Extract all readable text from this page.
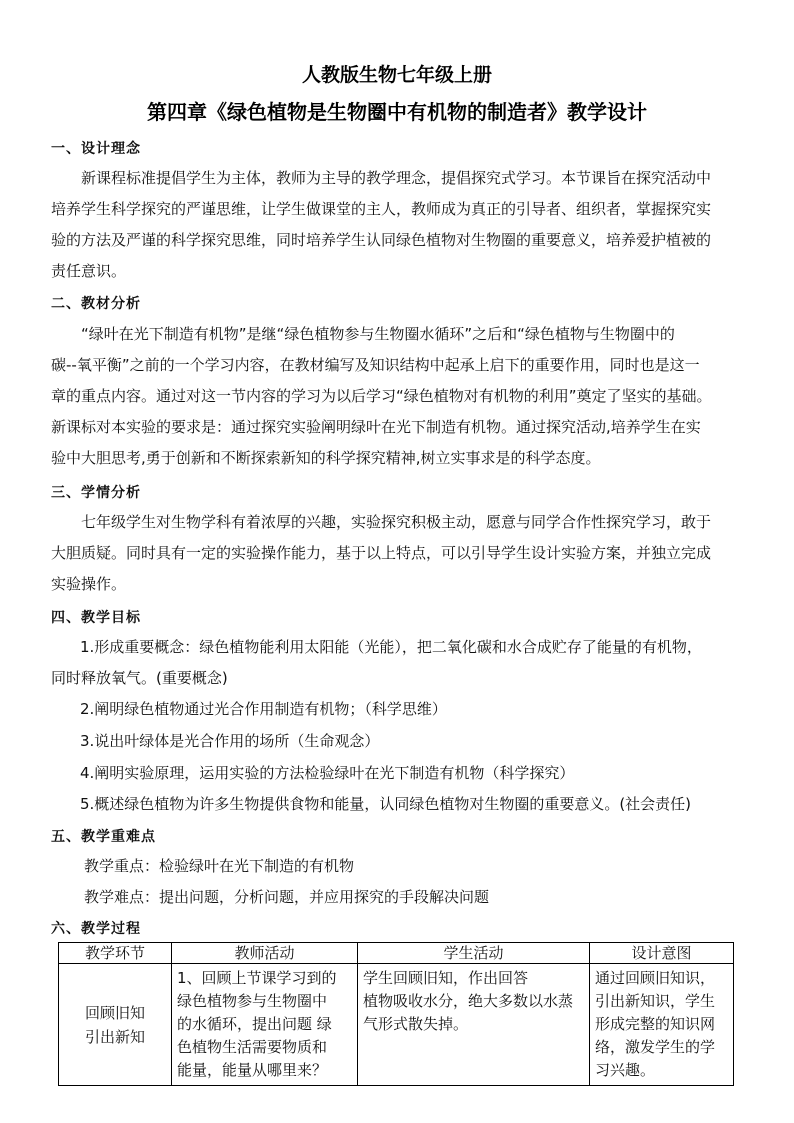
人教版生物七年级上册
第四章《绿色植物是生物圈中有机物的制造者》教学设计
一、设计理念
新课程标准提倡学生为主体，教师为主导的教学理念，提倡探究式学习。本节课旨在探究活动中
培养学生科学探究的严谨思维，让学生做课堂的主人，教师成为真正的引导者、组织者，掌握探究实
验的方法及严谨的科学探究思维，同时培养学生认同绿色植物对生物圈的重要意义，培养爱护植被的
责任意识。
二、教材分析
“绿叶在光下制造有机物”是继“绿色植物参与生物圈水循环”之后和“绿色植物与生物圈中的
碳--氧平衡”之前的一个学习内容，在教材编写及知识结构中起承上启下的重要作用，同时也是这一
章的重点内容。通过对这一节内容的学习为以后学习“绿色植物对有机物的利用”奠定了坚实的基础。
新课标对本实验的要求是：通过探究实验阐明绿叶在光下制造有机物。通过探究活动,培养学生在实
验中大胆思考,勇于创新和不断探索新知的科学探究精神,树立实事求是的科学态度。
三、学情分析
七年级学生对生物学科有着浓厚的兴趣，实验探究积极主动，愿意与同学合作性探究学习，敢于
大胆质疑。同时具有一定的实验操作能力，基于以上特点，可以引导学生设计实验方案，并独立完成
实验操作。
四、教学目标
1.形成重要概念：绿色植物能利用太阳能（光能），把二氧化碳和水合成贮存了能量的有机物，
同时释放氧气。(重要概念)
2.阐明绿色植物通过光合作用制造有机物；（科学思维）
3.说出叶绿体是光合作用的场所（生命观念）
4.阐明实验原理，运用实验的方法检验绿叶在光下制造有机物（科学探究）
5.概述绿色植物为许多生物提供食物和能量，认同绿色植物对生物圈的重要意义。(社会责任)
五、教学重难点
教学重点：检验绿叶在光下制造的有机物
教学难点：提出问题，分析问题，并应用探究的手段解决问题
六、教学过程
教学环节	教师活动	学生活动	设计意图

回顾旧知
引出新知	1、回顾上节课学习到的
绿色植物参与生物圈中
的水循环，提出问题 绿
色植物生活需要物质和
能量，能量从哪里来？	学生回顾旧知，作出回答
植物吸收水分，绝大多数以水蒸
气形式散失掉。	通过回顾旧知识，
引出新知识，学生
形成完整的知识网
络，激发学生的学
习兴趣。
